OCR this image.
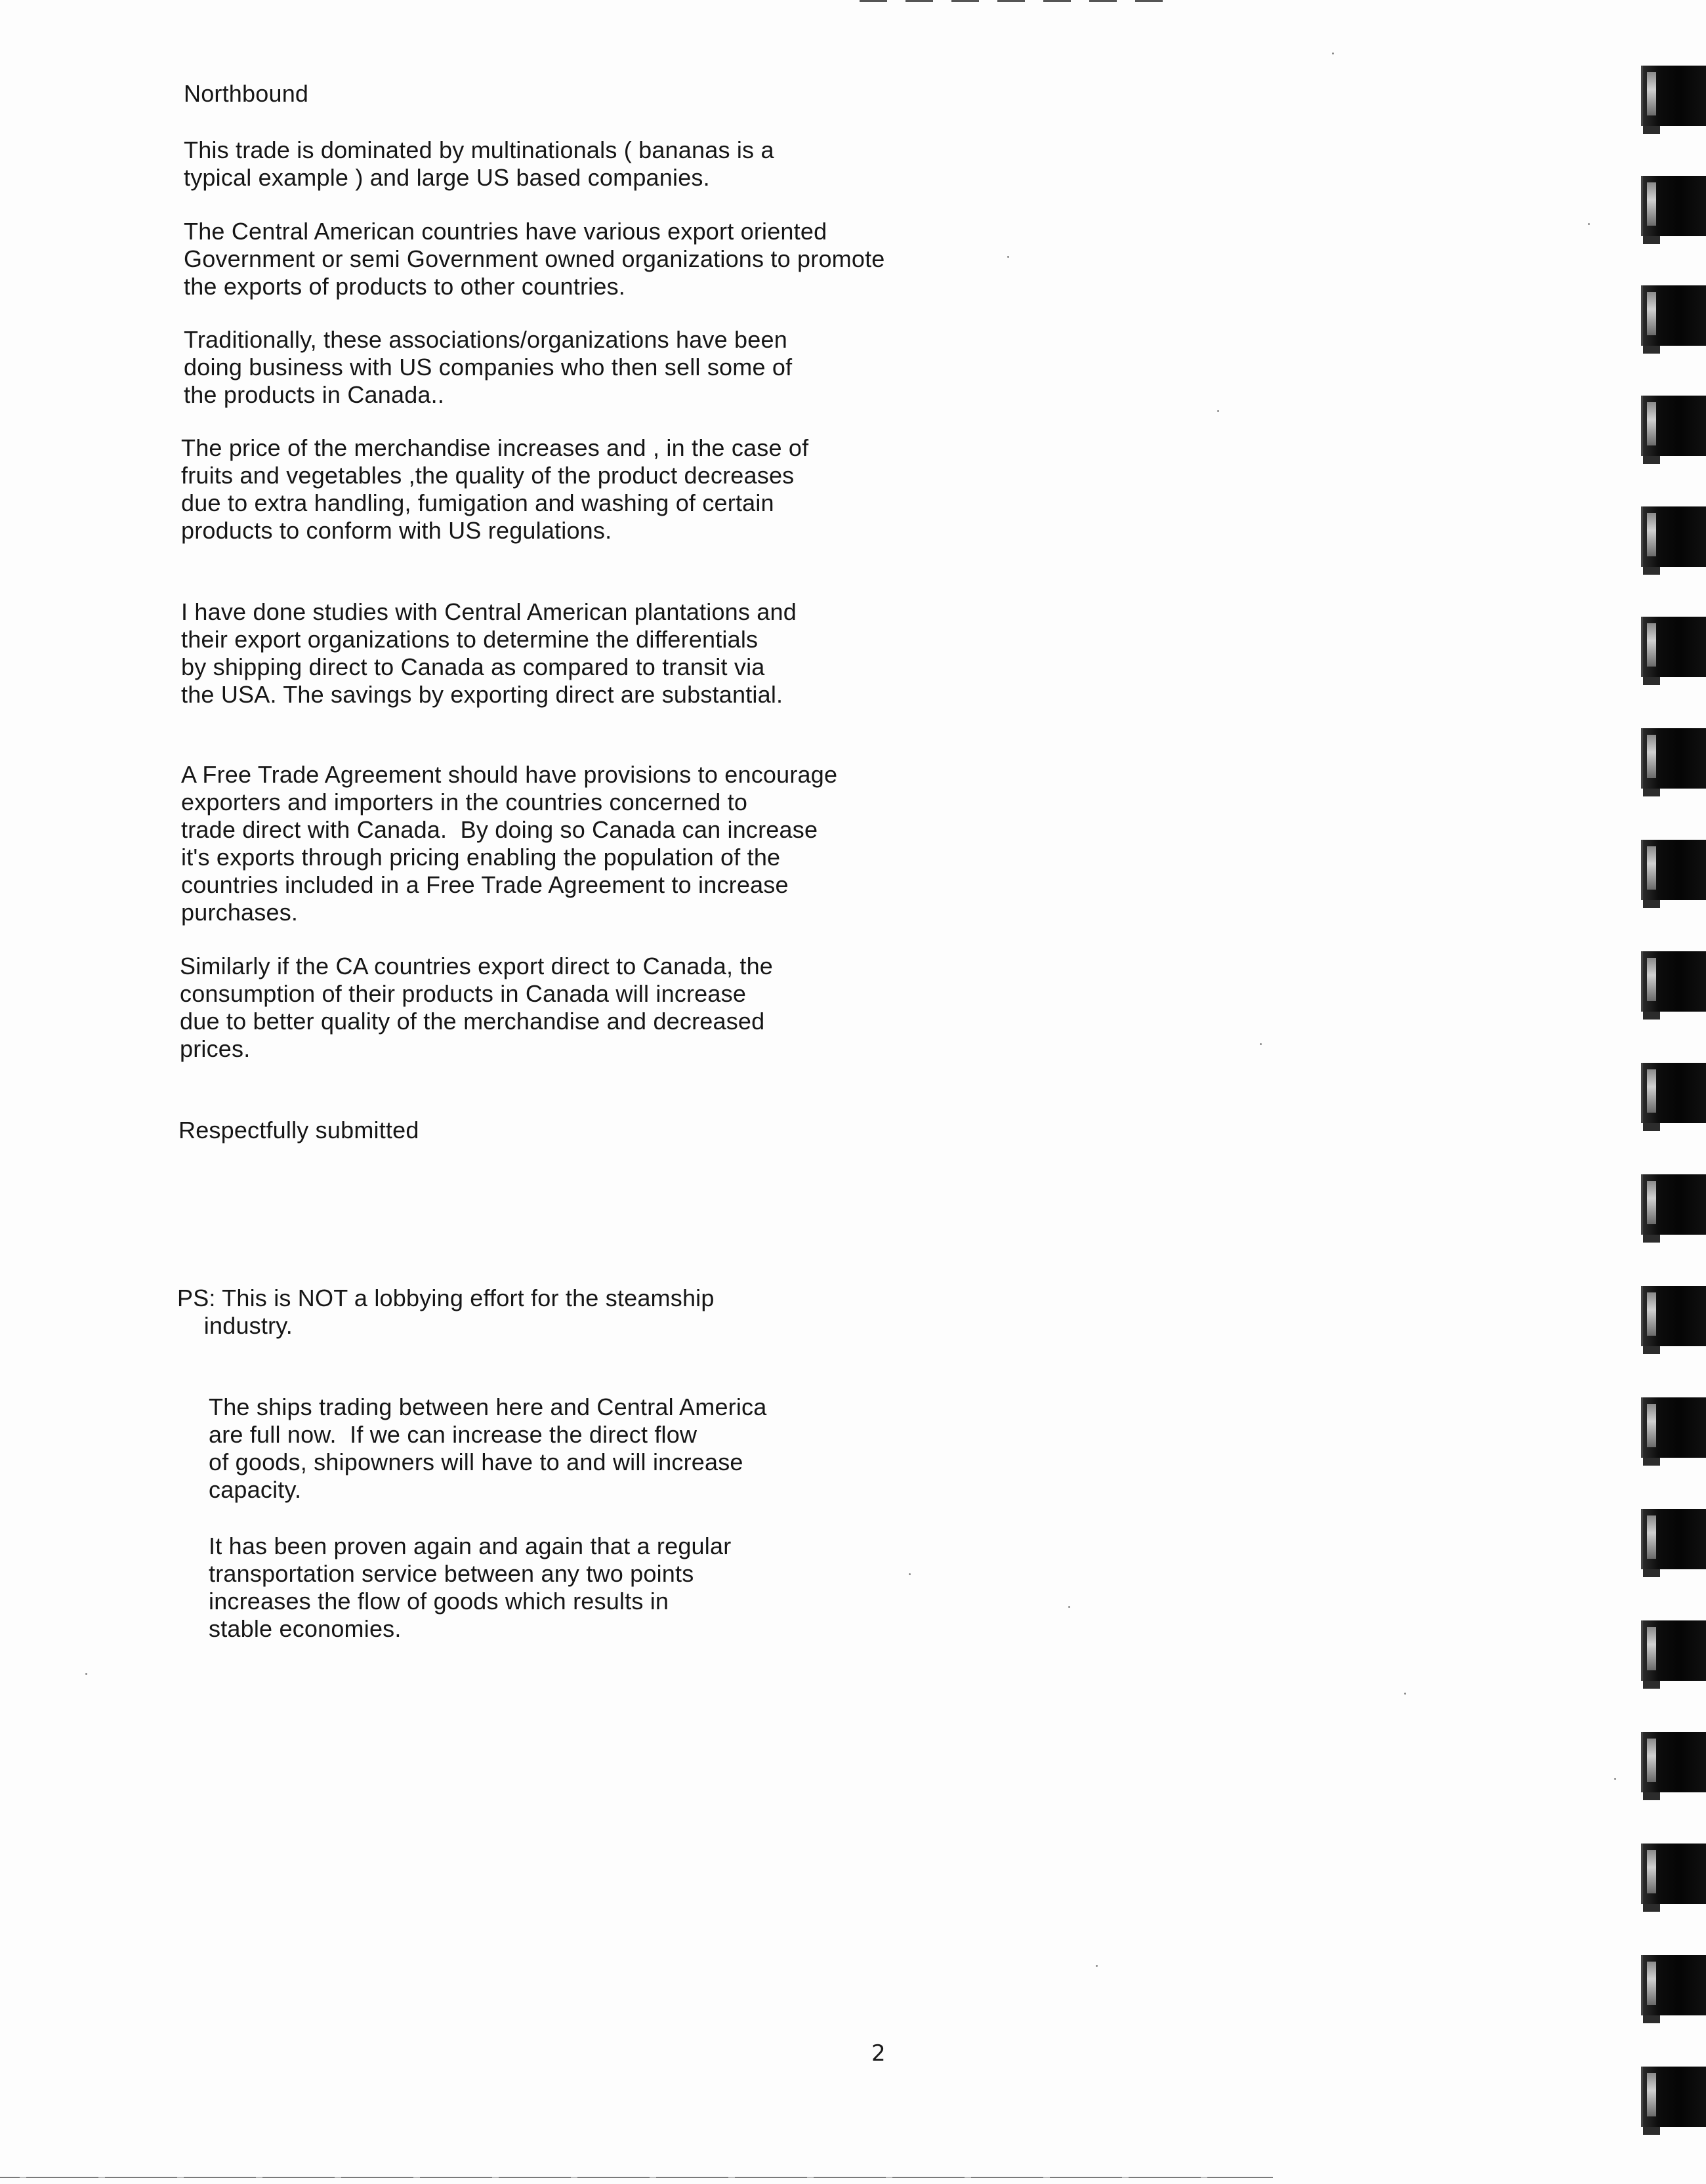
Northbound
This trade is dominated by multinationals ( bananas is a
typical example ) and large US based companies.
The Central American countries have various export oriented
Government or semi Government owned organizations to promote
the exports of products to other countries.
Traditionally, these associations/organizations have been
doing business with US companies who then sell some of
the products in Canada..
The price of the merchandise increases and , in the case of
fruits and vegetables ,the quality of the product decreases
due to extra handling, fumigation and washing of certain
products to conform with US regulations.
I have done studies with Central American plantations and
their export organizations to determine the differentials
by shipping direct to Canada as compared to transit via
the USA. The savings by exporting direct are substantial.
A Free Trade Agreement should have provisions to encourage
exporters and importers in the countries concerned to
trade direct with Canada.  By doing so Canada can increase
it's exports through pricing enabling the population of the
countries included in a Free Trade Agreement to increase
purchases.
Similarly if the CA countries export direct to Canada, the
consumption of their products in Canada will increase
due to better quality of the merchandise and decreased
prices.
Respectfully submitted
PS: This is NOT a lobbying effort for the steamship
industry.
The ships trading between here and Central America
are full now.  If we can increase the direct flow
of goods, shipowners will have to and will increase
capacity.
It has been proven again and again that a regular
transportation service between any two points
increases the flow of goods which results in
stable economies.
2
